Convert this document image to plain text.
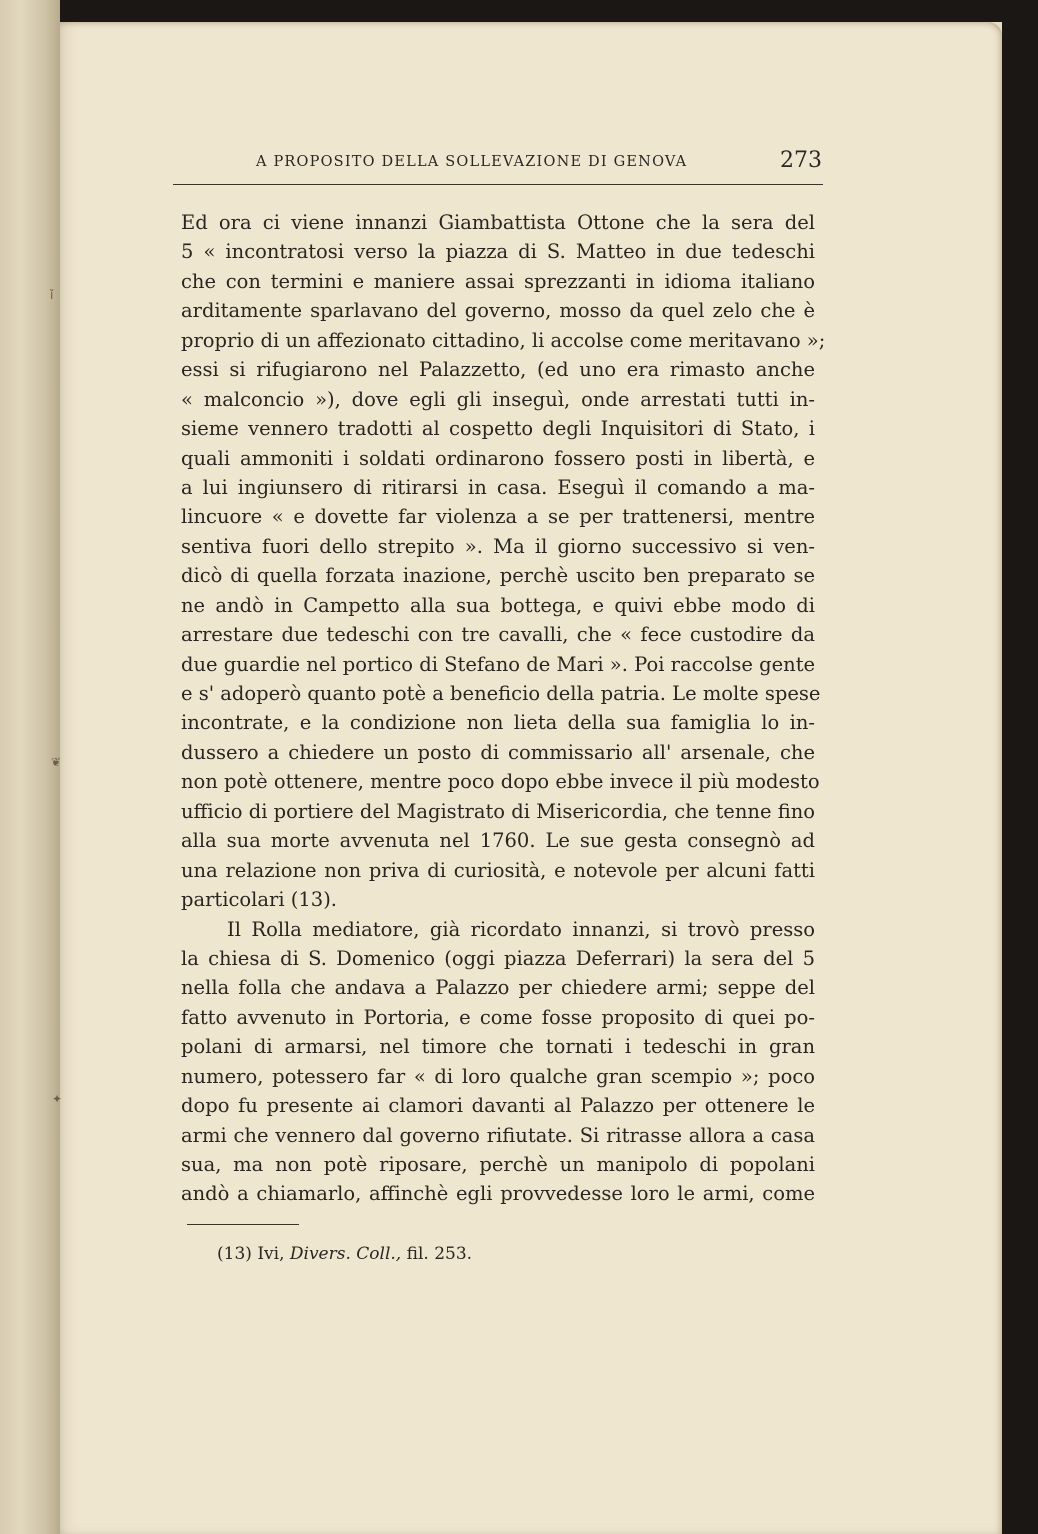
ǐ
❦
✦
A PROPOSITO DELLA SOLLEVAZIONE DI GENOVA	273
Ed ora ci viene innanzi Giambattista Ottone che la sera del
5 « incontratosi verso la piazza di S. Matteo in due tedeschi
che con termini e maniere assai sprezzanti in idioma italiano
arditamente sparlavano del governo, mosso da quel zelo che è
proprio di un affezionato cittadino, li accolse come meritavano »;
essi si rifugiarono nel Palazzetto, (ed uno era rimasto anche
« malconcio »), dove egli gli inseguì, onde arrestati tutti in-
sieme vennero tradotti al cospetto degli Inquisitori di Stato, i
quali ammoniti i soldati ordinarono fossero posti in libertà, e
a lui ingiunsero di ritirarsi in casa. Eseguì il comando a ma-
lincuore « e dovette far violenza a se per trattenersi, mentre
sentiva fuori dello strepito ». Ma il giorno successivo si ven-
dicò di quella forzata inazione, perchè uscito ben preparato se
ne andò in Campetto alla sua bottega, e quivi ebbe modo di
arrestare due tedeschi con tre cavalli, che « fece custodire da
due guardie nel portico di Stefano de Mari ». Poi raccolse gente
e s' adoperò quanto potè a beneficio della patria. Le molte spese
incontrate, e la condizione non lieta della sua famiglia lo in-
dussero a chiedere un posto di commissario all' arsenale, che
non potè ottenere, mentre poco dopo ebbe invece il più modesto
ufficio di portiere del Magistrato di Misericordia, che tenne fino
alla sua morte avvenuta nel 1760. Le sue gesta consegnò ad
una relazione non priva di curiosità, e notevole per alcuni fatti
particolari (13).
Il Rolla mediatore, già ricordato innanzi, si trovò presso
la chiesa di S. Domenico (oggi piazza Deferrari) la sera del 5
nella folla che andava a Palazzo per chiedere armi; seppe del
fatto avvenuto in Portoria, e come fosse proposito di quei po-
polani di armarsi, nel timore che tornati i tedeschi in gran
numero, potessero far « di loro qualche gran scempio »; poco
dopo fu presente ai clamori davanti al Palazzo per ottenere le
armi che vennero dal governo rifiutate. Si ritrasse allora a casa
sua, ma non potè riposare, perchè un manipolo di popolani
andò a chiamarlo, affinchè egli provvedesse loro le armi, come
(13) Ivi, Divers. Coll., fil. 253.
